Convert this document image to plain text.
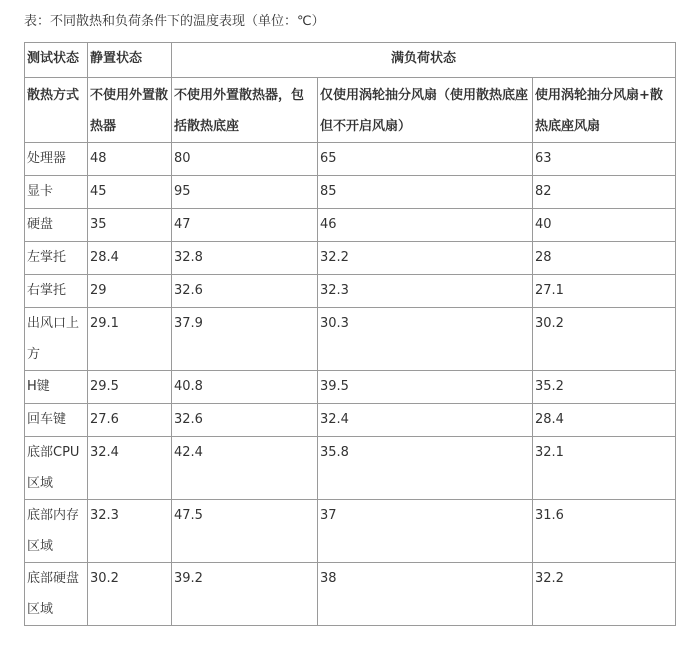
表：不同散热和负荷条件下的温度表现（单位：℃）
测试状态	静置状态	满负荷状态		
散热方式	不使用外置散热器	不使用外置散热器，包括散热底座	仅使用涡轮抽分风扇（使用散热底座但不开启风扇）	使用涡轮抽分风扇+散热底座风扇
处理器	48	80	65	63
显卡	45	95	85	82
硬盘	35	47	46	40
左掌托	28.4	32.8	32.2	28
右掌托	29	32.6	32.3	27.1
出风口上方	29.1	37.9	30.3	30.2
H键	29.5	40.8	39.5	35.2
回车键	27.6	32.6	32.4	28.4
底部CPU区域	32.4	42.4	35.8	32.1
底部内存区域	32.3	47.5	37	31.6
底部硬盘区域	30.2	39.2	38	32.2
